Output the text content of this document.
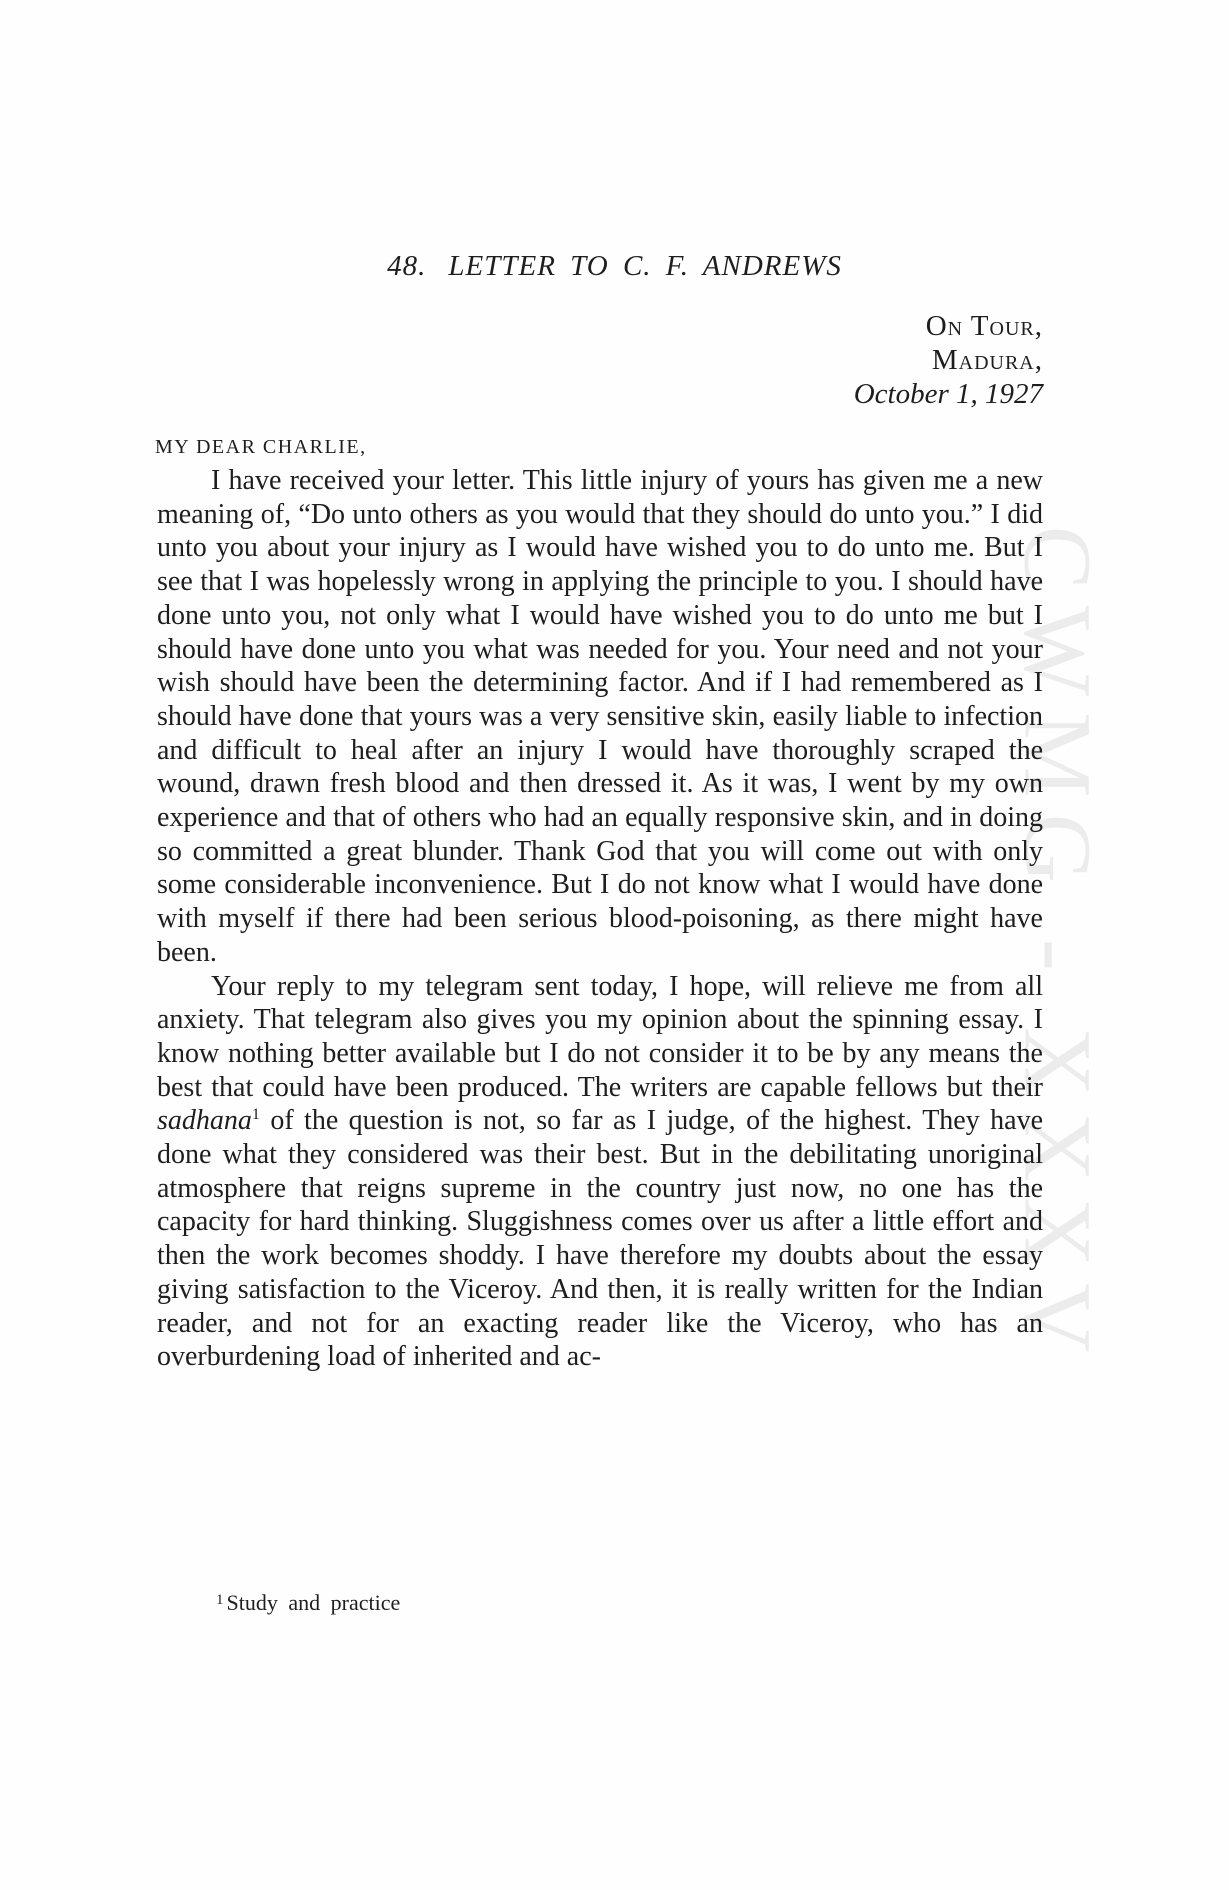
CWMG - XXXV
48. LETTER TO C. F. ANDREWS
On Tour,
Madura,
October 1, 1927
MY DEAR CHARLIE,

I have received your letter. This little injury of yours has given me a new meaning of, “Do unto others as you would that they should do unto you.” I did unto you about your injury as I would have wished you to do unto me. But I see that I was hopelessly wrong in applying the principle to you. I should have done unto you, not only what I would have wished you to do unto me but I should have done unto you what was needed for you. Your need and not your wish should have been the determining factor. And if I had remembered as I should have done that yours was a very sensitive skin, easily liable to infection and difficult to heal after an injury I would have thoroughly scraped the wound, drawn fresh blood and then dressed it. As it was, I went by my own experience and that of others who had an equally responsive skin, and in doing so committed a great blunder. Thank God that you will come out with only some considerable inconvenience. But I do not know what I would have done with myself if there had been serious blood-poisoning, as there might have been.

Your reply to my telegram sent today, I hope, will relieve me from all anxiety. That telegram also gives you my opinion about the spinning essay. I know nothing better available but I do not consider it to be by any means the best that could have been produced. The writers are capable fellows but their sadhana$^1$ of the question is not, so far as I judge, of the highest. They have done what they considered was their best. But in the debilitating unoriginal atmosphere that reigns supreme in the country just now, no one has the capacity for hard thinking. Sluggishness comes over us after a little effort and then the work becomes shoddy. I have therefore my doubts about the essay giving satisfaction to the Viceroy. And then, it is really written for the Indian reader, and not for an exacting reader like the Viceroy, who has an overburdening load of inherited and ac-

$^1$ Study and practice
